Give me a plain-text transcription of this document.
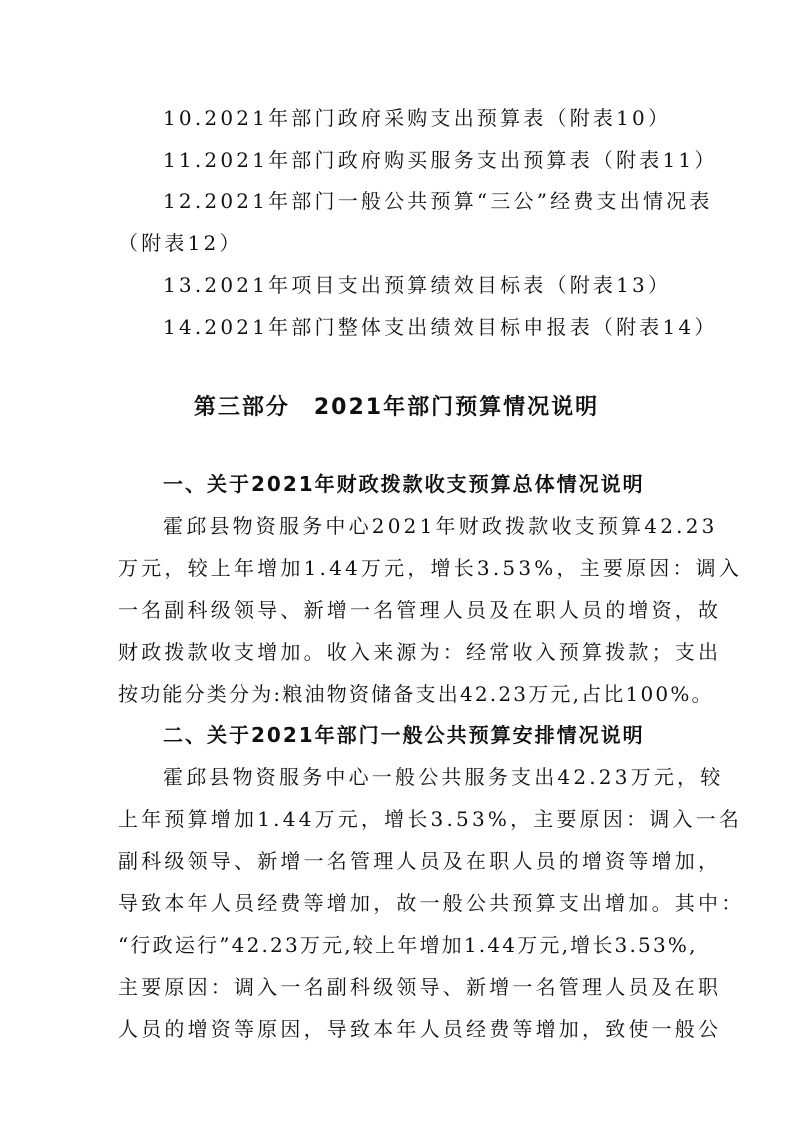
10.2021年部门政府采购支出预算表（附表10）
11.2021年部门政府购买服务支出预算表（附表11）
12.2021年部门一般公共预算“三公”经费支出情况表
（附表12）
13.2021年项目支出预算绩效目标表（附表13）
14.2021年部门整体支出绩效目标申报表（附表14）
第三部分　2021年部门预算情况说明
一、关于2021年财政拨款收支预算总体情况说明
霍邱县物资服务中心2021年财政拨款收支预算42.23
万元，较上年增加1.44万元，增长3.53%，主要原因：调入
一名副科级领导、新增一名管理人员及在职人员的增资，故
财政拨款收支增加。收入来源为：经常收入预算拨款；支出
按功能分类分为:粮油物资储备支出42.23万元,占比100%。
二、关于2021年部门一般公共预算安排情况说明
霍邱县物资服务中心一般公共服务支出42.23万元，较
上年预算增加1.44万元，增长3.53%，主要原因：调入一名
副科级领导、新增一名管理人员及在职人员的增资等增加，
导致本年人员经费等增加，故一般公共预算支出增加。其中：
“行政运行”42.23万元,较上年增加1.44万元,增长3.53%,
主要原因：调入一名副科级领导、新增一名管理人员及在职
人员的增资等原因，导致本年人员经费等增加，致使一般公
